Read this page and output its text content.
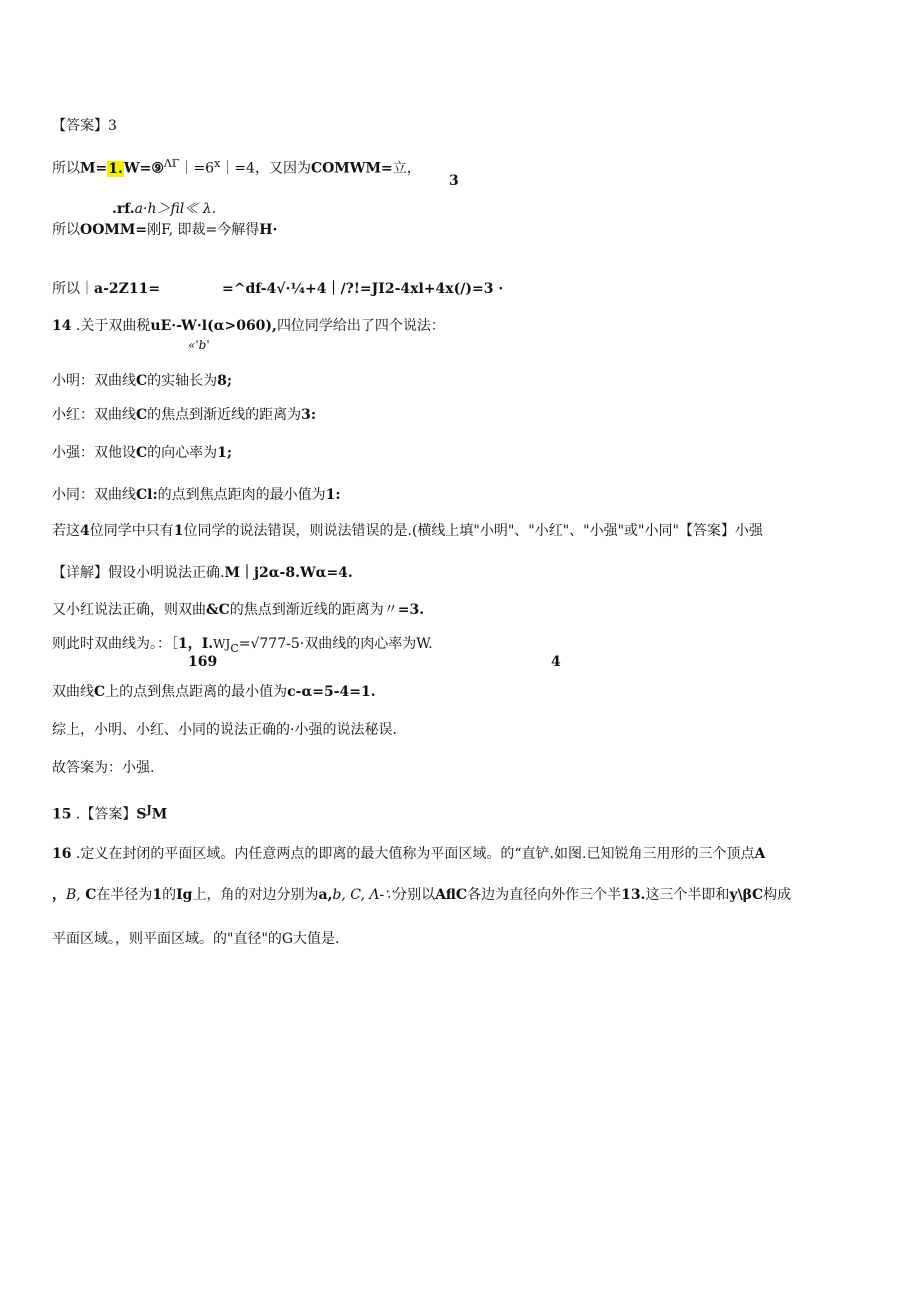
【答案】3
所以$M=1.W=⑨^{\Lambda\Gamma}|=6^x|=4$，又因为COMWM=立，
3
.rf.a·h＞fil≪ λ.
所以OOMM=刚F, 即裁=今解得H·
所以｜a-2Z11=	=^df-4√·¼+4｜∕?!=JI2-4xl+4x(∕)=3 ·
14 .关于双曲税uE·-W·l(α>060),四位同学给出了四个说法：
«'b'
小明：双曲线C的实轴长为8;
小红：双曲线C的焦点到渐近线的距离为3:
小强：双他设C的向心率为1;
小同：双曲线Cl:的点到焦点距肉的最小值为1:
若这4位同学中只有1位同学的说法错误，则说法错误的是.(横线上填"小明"、"小红"、"小强"或"小同"【答案】小强
【详解】假设小明说法正确.M｜j2α-8.Wα=4.
又小红说法正确，则双曲&C的焦点到渐近线的距离为〃=3.
则此时双曲线为。：［1，$I.WJ_C=√777-5\cdot$双曲线的肉心率为W.
169	4
双曲线C上的点到焦点距离的最小值为c-α=5-4=1.
综上，小明、小红、小同的说法正确的·小强的说法秘误.
故答案为：小强.
15 .【答案】$S^JM$
16 .定义在封闭的平面区域。内任意两点的即离的最大值称为平面区域。的“直铲.如图.已知锐角三用形的三个顶点A
，B, C在半径为1的Ig上，角的对边分别为a,b, C, Λ-∵分别以AflC各边为直径向外作三个半13.这三个半即和y\βC构成
平面区域。，则平面区域。的"直径"的G大值是.
